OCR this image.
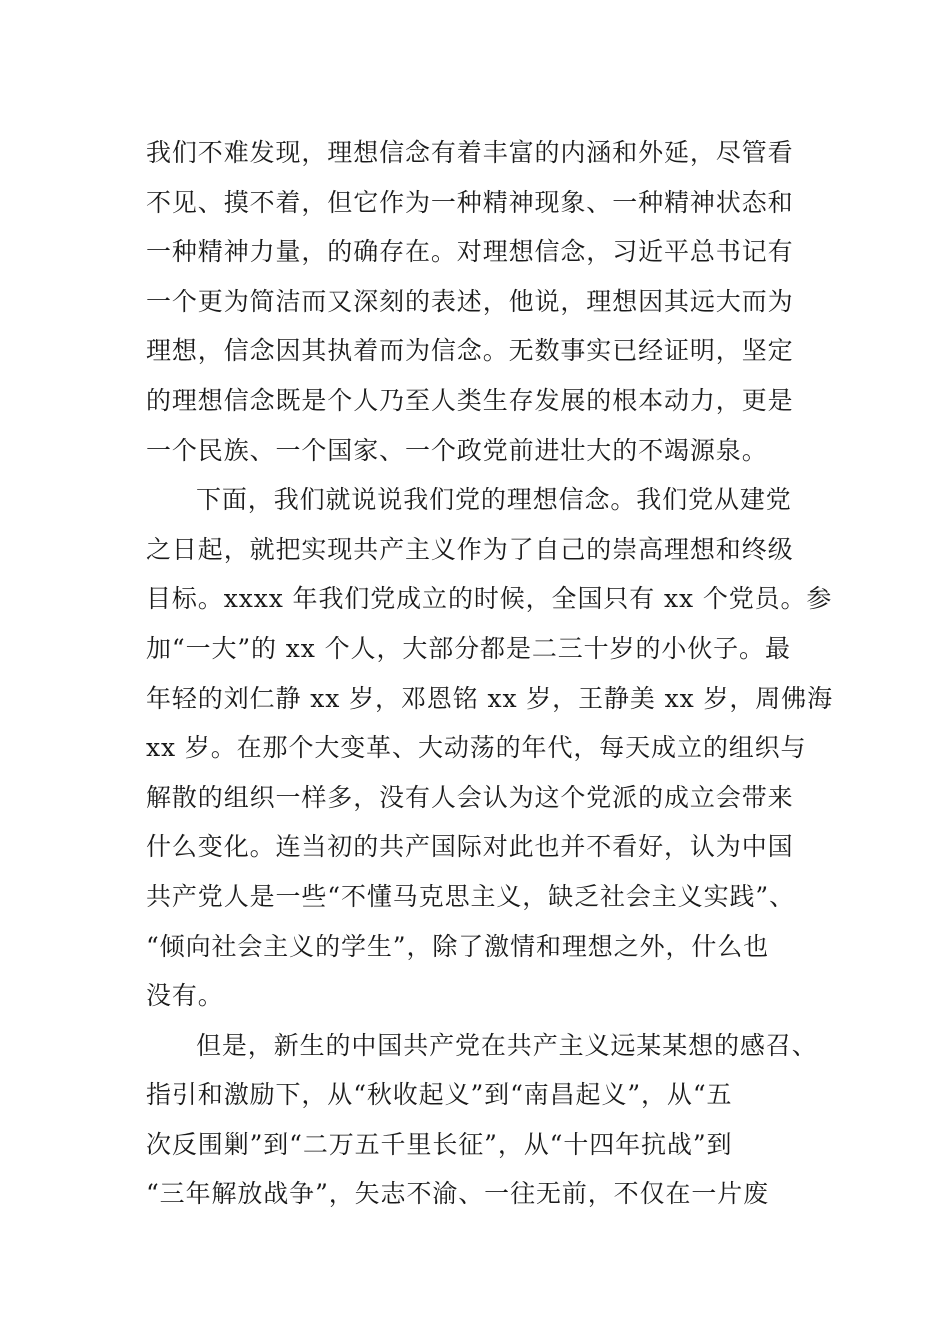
我们不难发现，理想信念有着丰富的内涵和外延，尽管看
不见、摸不着，但它作为一种精神现象、一种精神状态和
一种精神力量，的确存在。对理想信念，习近平总书记有
一个更为简洁而又深刻的表述，他说，理想因其远大而为
理想，信念因其执着而为信念。无数事实已经证明，坚定
的理想信念既是个人乃至人类生存发展的根本动力，更是
一个民族、一个国家、一个政党前进壮大的不竭源泉。
下面，我们就说说我们党的理想信念。我们党从建党
之日起，就把实现共产主义作为了自己的崇高理想和终级
目标。xxxx 年我们党成立的时候，全国只有 xx 个党员。参
加“一大”的 xx 个人，大部分都是二三十岁的小伙子。最
年轻的刘仁静 xx 岁，邓恩铭 xx 岁，王静美 xx 岁，周佛海
xx 岁。在那个大变革、大动荡的年代，每天成立的组织与
解散的组织一样多，没有人会认为这个党派的成立会带来
什么变化。连当初的共产国际对此也并不看好，认为中国
共产党人是一些“不懂马克思主义，缺乏社会主义实践”、
“倾向社会主义的学生”，除了激情和理想之外，什么也
没有。
但是，新生的中国共产党在共产主义远某某想的感召、
指引和激励下，从“秋收起义”到“南昌起义”，从“五
次反围剿”到“二万五千里长征”，从“十四年抗战”到
“三年解放战争”，矢志不渝、一往无前，不仅在一片废
